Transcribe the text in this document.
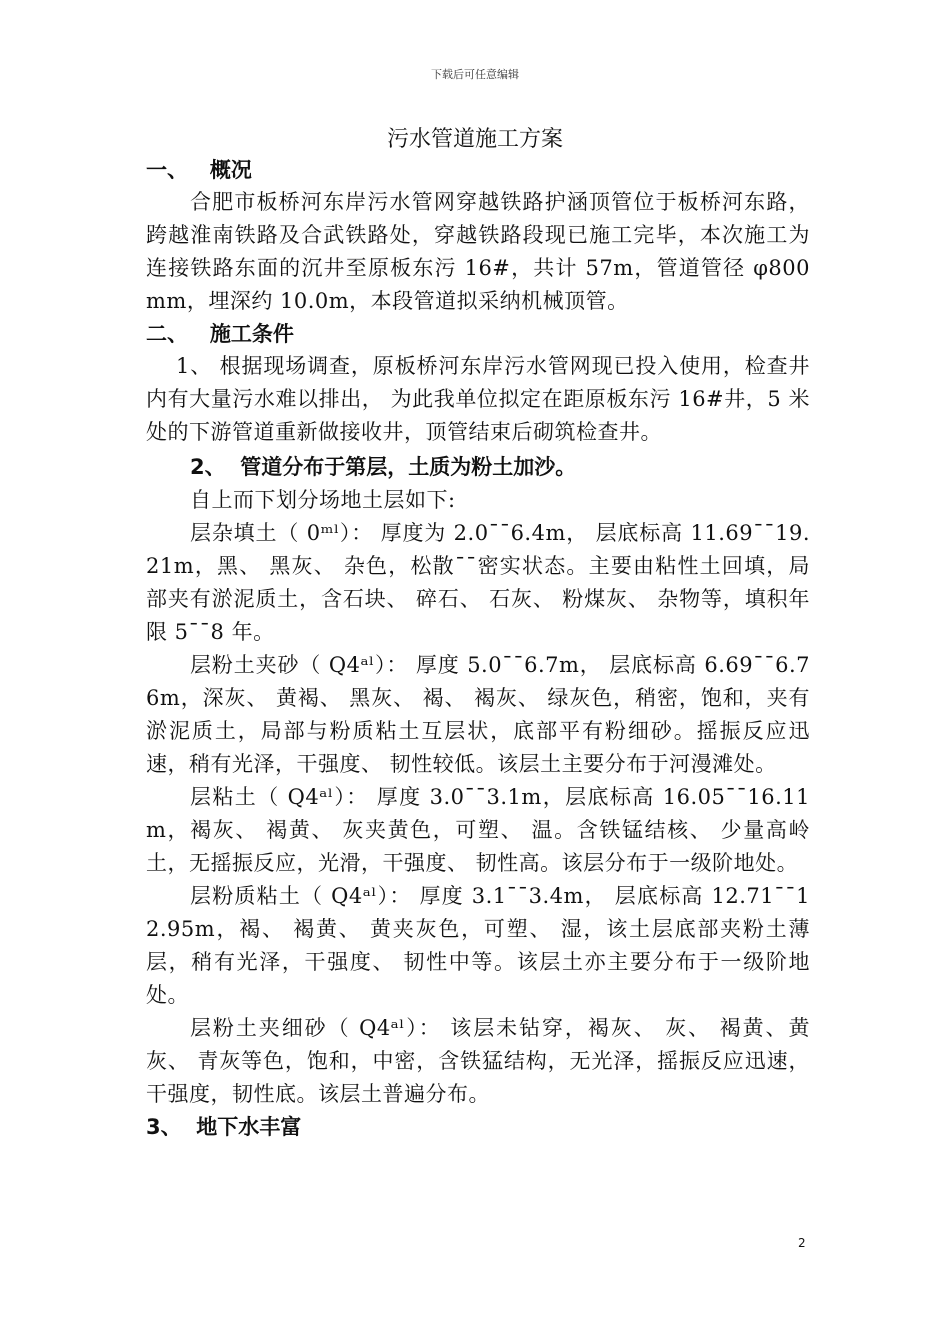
下载后可任意编辑
污水管道施工方案
一、   概况
合肥市板桥河东岸污水管网穿越铁路护涵顶管位于板桥河东路，跨越淮南铁路及合武铁路处，穿越铁路段现已施工完毕，本次施工为连接铁路东面的沉井至原板东污 16#，共计 57m，管道管径 φ800mm，埋深约 10.0m，本段管道拟采纳机械顶管。
二、   施工条件
1、 根据现场调查，原板桥河东岸污水管网现已投入使用，检查井内有大量污水难以排出， 为此我单位拟定在距原板东污 16#井，5 米处的下游管道重新做接收井，顶管结束后砌筑检查井。
2、  管道分布于第层，土质为粉土加沙。
自上而下划分场地土层如下:
层杂填土（ 0ᵐˡ）： 厚度为 2.0¯¯6.4m， 层底标高 11.69¯¯19.21m，黑、 黑灰、 杂色，松散¯¯密实状态。主要由粘性土回填，局部夹有淤泥质土，含石块、 碎石、 石灰、 粉煤灰、 杂物等，填积年限 5¯¯8 年。
层粉土夹砂（ Q4ᵃˡ）： 厚度 5.0¯¯6.7m， 层底标高 6.69¯¯6.76m，深灰、 黄褐、 黑灰、 褐、 褐灰、 绿灰色，稍密，饱和，夹有淤泥质土，局部与粉质粘土互层状，底部平有粉细砂。摇振反应迅速，稍有光泽，干强度、 韧性较低。该层土主要分布于河漫滩处。
层粘土（ Q4ᵃˡ）： 厚度 3.0¯¯3.1m，层底标高 16.05¯¯16.11m，褐灰、 褐黄、 灰夹黄色，可塑、 温。含铁锰结核、 少量高岭土，无摇振反应，光滑，干强度、 韧性高。该层分布于一级阶地处。
层粉质粘土（ Q4ᵃˡ）： 厚度 3.1¯¯3.4m， 层底标高 12.71¯¯12.95m，褐、 褐黄、 黄夹灰色，可塑、 湿，该土层底部夹粉土薄层，稍有光泽，干强度、 韧性中等。该层土亦主要分布于一级阶地处。
层粉土夹细砂（ Q4ᵃˡ）： 该层未钻穿，褐灰、 灰、 褐黄、黄灰、 青灰等色，饱和，中密，含铁猛结构，无光泽，摇振反应迅速，干强度，韧性底。该层土普遍分布。
3、  地下水丰富
2
